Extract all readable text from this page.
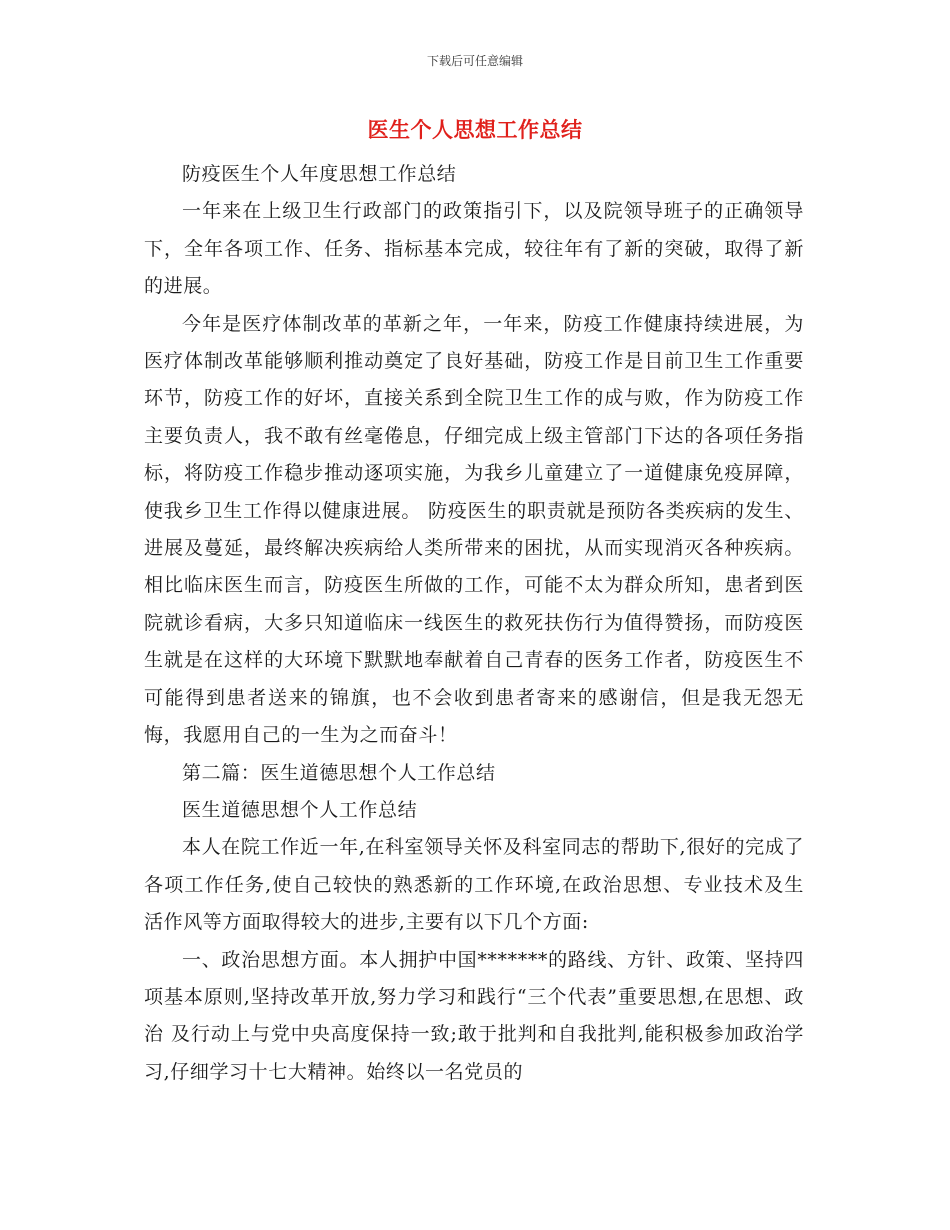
下载后可任意编辑
医生个人思想工作总结

防疫医生个人年度思想工作总结

一年来在上级卫生行政部门的政策指引下，以及院领导班子的正确领导下，全年各项工作、任务、指标基本完成，较往年有了新的突破，取得了新的进展。

今年是医疗体制改革的革新之年，一年来，防疫工作健康持续进展，为医疗体制改革能够顺利推动奠定了良好基础，防疫工作是目前卫生工作重要环节，防疫工作的好坏，直接关系到全院卫生工作的成与败，作为防疫工作主要负责人，我不敢有丝毫倦息，仔细完成上级主管部门下达的各项任务指标，将防疫工作稳步推动逐项实施，为我乡儿童建立了一道健康免疫屏障，使我乡卫生工作得以健康进展。 防疫医生的职责就是预防各类疾病的发生、进展及蔓延，最终解决疾病给人类所带来的困扰，从而实现消灭各种疾病。相比临床医生而言，防疫医生所做的工作，可能不太为群众所知，患者到医院就诊看病，大多只知道临床一线医生的救死扶伤行为值得赞扬，而防疫医生就是在这样的大环境下默默地奉献着自己青春的医务工作者，防疫医生不可能得到患者送来的锦旗，也不会收到患者寄来的感谢信，但是我无怨无悔，我愿用自己的一生为之而奋斗！

第二篇：医生道德思想个人工作总结

医生道德思想个人工作总结

本人在院工作近一年,在科室领导关怀及科室同志的帮助下,很好的完成了各项工作任务,使自己较快的熟悉新的工作环境,在政治思想、专业技术及生活作风等方面取得较大的进步,主要有以下几个方面:

一、政治思想方面。本人拥护中国*******的路线、方针、政策、坚持四项基本原则,坚持改革开放,努力学习和践行“三个代表”重要思想,在思想、政治 及行动上与党中央高度保持一致;敢于批判和自我批判,能积极参加政治学习,仔细学习十七大精神。始终以一名党员的
